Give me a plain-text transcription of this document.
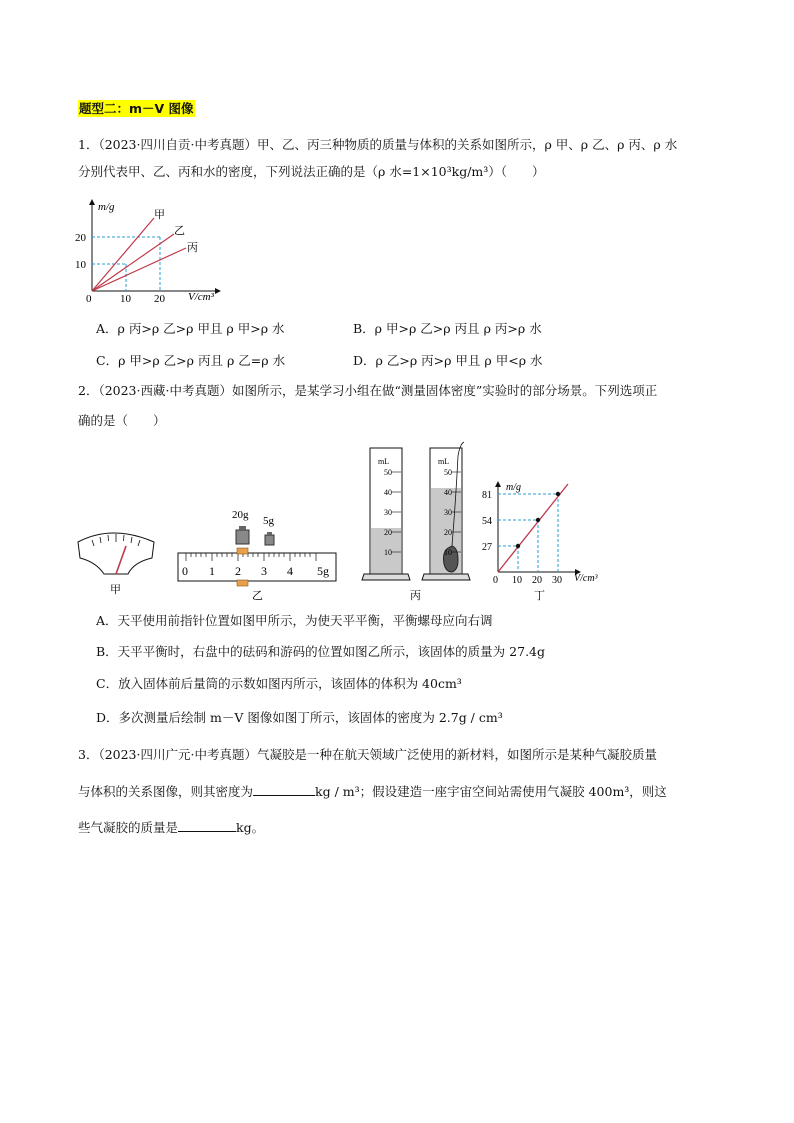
题型二：m－V 图像
1．（2023·四川自贡·中考真题）甲、乙、丙三种物质的质量与体积的关系如图所示，ρ 甲、ρ 乙、ρ 丙、ρ 水
分别代表甲、乙、丙和水的密度，下列说法正确的是（ρ 水=1×10³kg/m³）（　　）
m/g
甲
乙
丙
20
10
0	10 20 V/cm³
A．ρ 丙>ρ 乙>ρ 甲且 ρ 甲>ρ 水	B．ρ 甲>ρ 乙>ρ 丙且 ρ 丙>ρ 水
C．ρ 甲>ρ 乙>ρ 丙且 ρ 乙=ρ 水	D．ρ 乙>ρ 丙>ρ 甲且 ρ 甲<ρ 水
2．（2023·西藏·中考真题）如图所示，是某学习小组在做“测量固体密度”实验时的部分场景。下列选项正
确的是（　　）
甲
20g 5g
0 1 2 3 4 5g
乙
mL
50
40
30
20
10
mL
50
40
30
20
10
丙
m/g
81
54
27
0 10 20 30 V/cm³
丁
A．天平使用前指针位置如图甲所示，为使天平平衡，平衡螺母应向右调
B．天平平衡时，右盘中的砝码和游码的位置如图乙所示，该固体的质量为 27.4g
C．放入固体前后量筒的示数如图丙所示，该固体的体积为 40cm³
D．多次测量后绘制 m－V 图像如图丁所示，该固体的密度为 2.7g / cm³
3．（2023·四川广元·中考真题）气凝胶是一种在航天领域广泛使用的新材料，如图所示是某种气凝胶质量
与体积的关系图像，则其密度为	kg / m³；假设建造一座宇宙空间站需使用气凝胶 400m³，则这
些气凝胶的质量是	kg。
